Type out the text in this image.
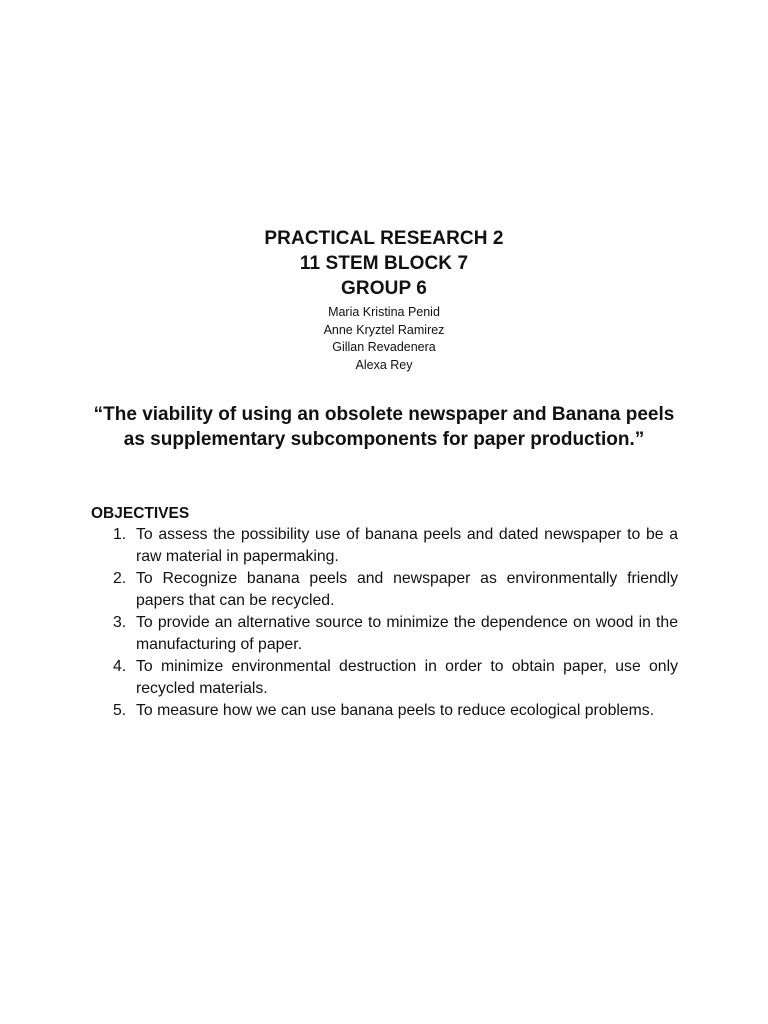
PRACTICAL RESEARCH 2
11 STEM BLOCK 7
GROUP 6
Maria Kristina Penid
Anne Kryztel Ramirez
Gillan Revadenera
Alexa Rey
“The viability of using an obsolete newspaper and Banana peels as supplementary subcomponents for paper production.”
OBJECTIVES
1. To assess the possibility use of banana peels and dated newspaper to be a raw material in papermaking.
2. To Recognize banana peels and newspaper as environmentally friendly papers that can be recycled.
3. To provide an alternative source to minimize the dependence on wood in the manufacturing of paper.
4. To minimize environmental destruction in order to obtain paper, use only recycled materials.
5. To measure how we can use banana peels to reduce ecological problems.
